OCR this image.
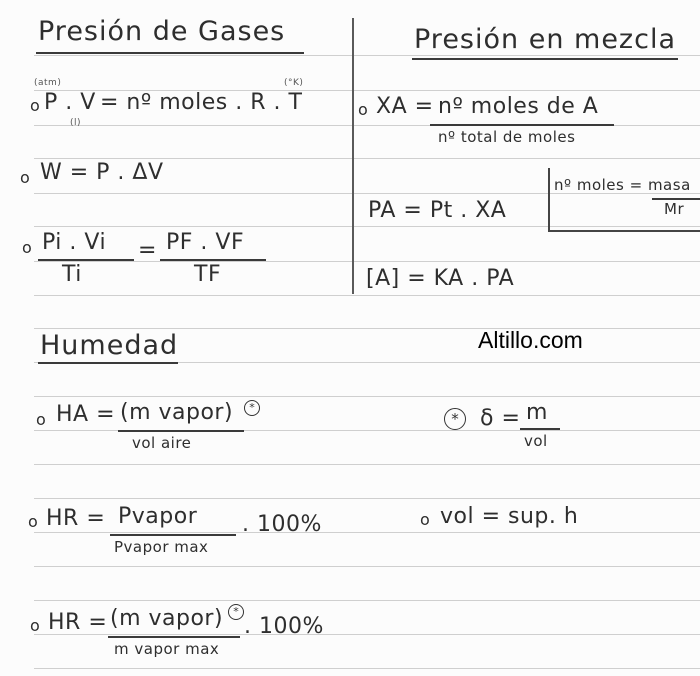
Presión de Gases	Presión en mezcla
Humedad
(atm)
(l)
(°K)
o P . V = nº moles . R . T
o W = P . ΔV
o Pi . Vi
Ti
= PF . VF
TF
o XA = nº moles de A
nº total de moles
nº moles = masa
Mr
PA = Pt . XA
[A] = KA . PA
Altillo.com
o HA = (m vapor)	*
vol aire
* δ = m
vol
o HR = Pvapor
Pvapor max
. 100%	o vol = sup. h
o HR = (m vapor) *
m vapor max
. 100%
